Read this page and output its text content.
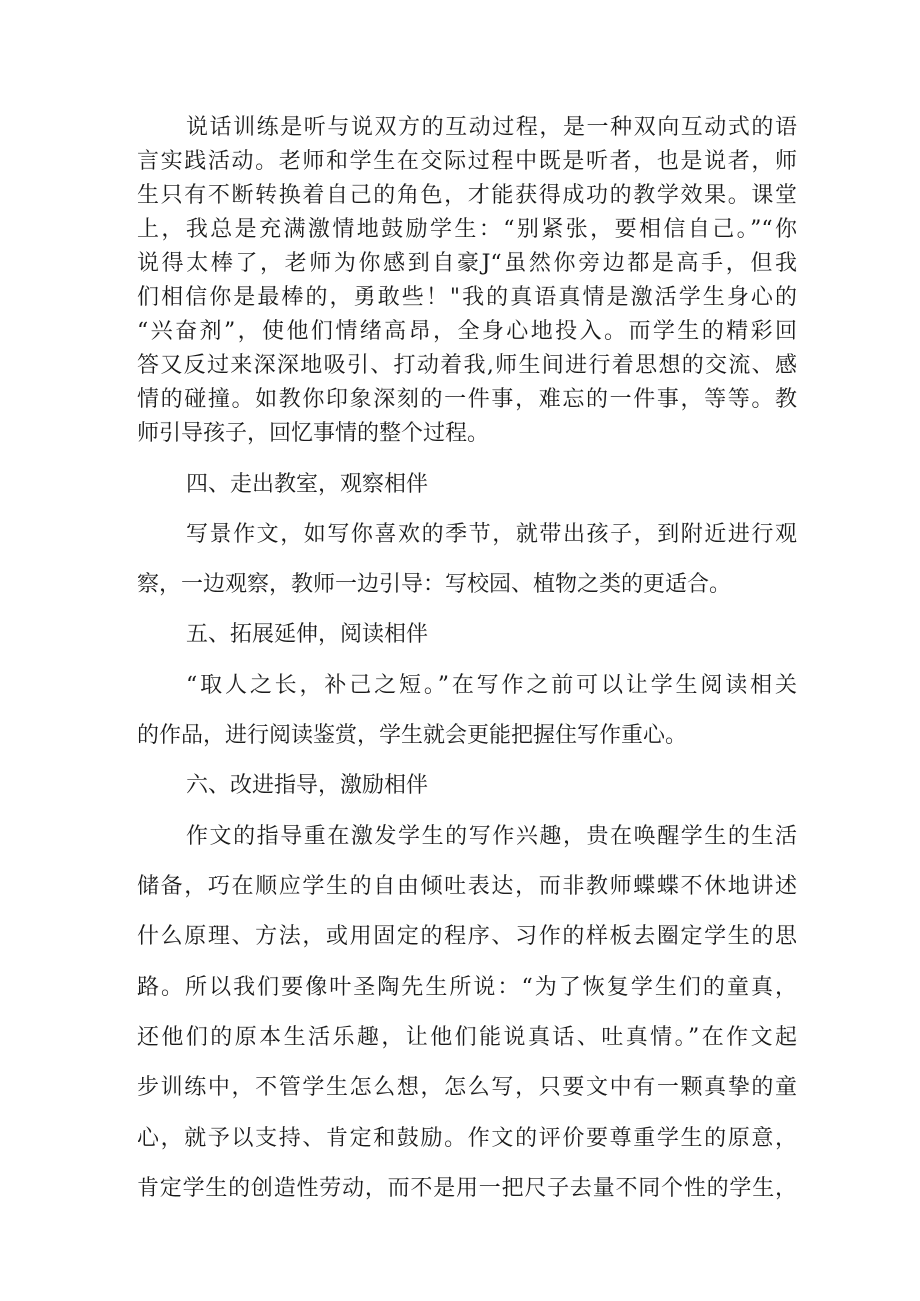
说话训练是听与说双方的互动过程，是一种双向互动式的语
言实践活动。老师和学生在交际过程中既是听者，也是说者，师
生只有不断转换着自己的角色，才能获得成功的教学效果。课堂
上，我总是充满激情地鼓励学生：“别紧张，要相信自己。”“你
说得太棒了，老师为你感到自豪J“虽然你旁边都是高手，但我
们相信你是最棒的，勇敢些！"我的真语真情是激活学生身心的
“兴奋剂”，使他们情绪高昂，全身心地投入。而学生的精彩回
答又反过来深深地吸引、打动着我,师生间进行着思想的交流、感
情的碰撞。如教你印象深刻的一件事，难忘的一件事，等等。教
师引导孩子，回忆事情的整个过程。
四、走出教室，观察相伴
写景作文，如写你喜欢的季节，就带出孩子，到附近进行观
察，一边观察，教师一边引导：写校园、植物之类的更适合。
五、拓展延伸，阅读相伴
“取人之长，补己之短。”在写作之前可以让学生阅读相关
的作品，进行阅读鉴赏，学生就会更能把握住写作重心。
六、改进指导，激励相伴
作文的指导重在激发学生的写作兴趣，贵在唤醒学生的生活
储备，巧在顺应学生的自由倾吐表达，而非教师蝶蝶不休地讲述
什么原理、方法，或用固定的程序、习作的样板去圈定学生的思
路。所以我们要像叶圣陶先生所说：“为了恢复学生们的童真，
还他们的原本生活乐趣，让他们能说真话、吐真情。”在作文起
步训练中，不管学生怎么想，怎么写，只要文中有一颗真挚的童
心，就予以支持、肯定和鼓励。作文的评价要尊重学生的原意，
肯定学生的创造性劳动，而不是用一把尺子去量不同个性的学生，
